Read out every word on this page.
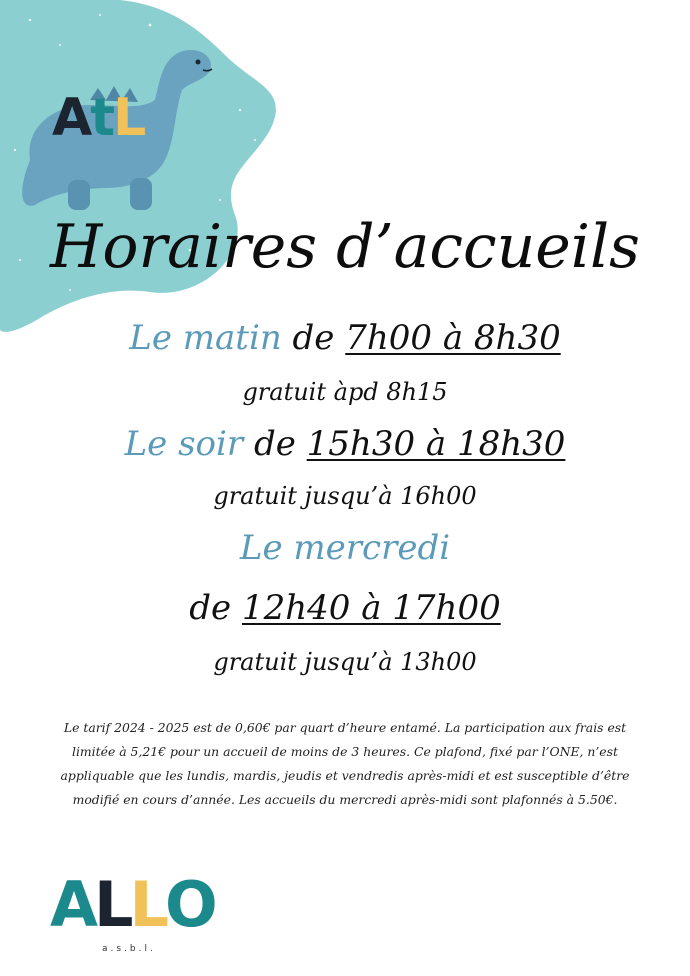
AtL
Horaires d’accueils
Le matin de 7h00 à 8h30
gratuit àpd 8h15
Le soir de 15h30 à 18h30
gratuit jusqu’à 16h00
Le mercredi
de 12h40 à 17h00
gratuit jusqu’à 13h00
Le tarif 2024 - 2025 est de 0,60€ par quart d’heure entamé. La participation aux frais est limitée à 5,21€ pour un accueil de moins de 3 heures. Ce plafond, fixé par l’ONE, n’est appliquable que les lundis, mardis, jeudis et vendredis après-midi et est susceptible d’être modifié en cours d’année. Les accueils du mercredi après-midi sont plafonnés à 5.50€.
ALLO
a.s.b.l.
